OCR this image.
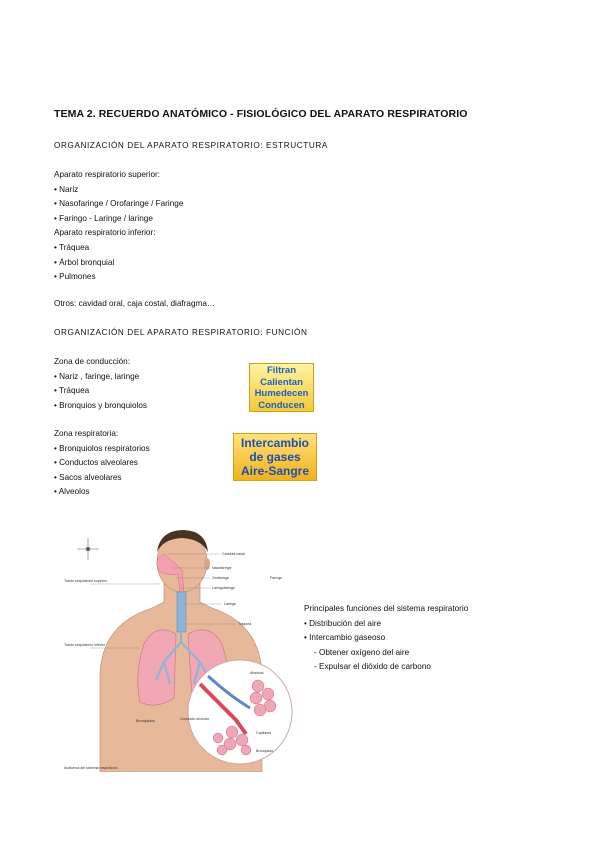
TEMA 2. RECUERDO ANATÓMICO - FISIOLÓGICO DEL APARATO RESPIRATORIO
ORGANIZACIÓN DEL APARATO RESPIRATORIO: ESTRUCTURA
Aparato respiratorio superior:
• Nariz
• Nasofaringe / Orofaringe / Faringe
• Faringo - Laringe / laringe
Aparato respiratorio inferior:
• Tráquea
• Árbol bronquial
• Pulmones
Otros: cavidad oral, caja costal, diafragma…
ORGANIZACIÓN DEL APARATO RESPIRATORIO: FUNCIÓN
Zona de conducción:
• Nariz , faringe, laringe
• Tráquea
• Bronquios y bronquiolos
Zona respiratoria:
• Bronquiolos respiratorios
• Conductos alveolares
• Sacos alveolares
• Alveolos
Filtran
Calientan
Humedecen
Conducen
Intercambio
de gases
Aire-Sangre
Cavidad nasal
Nasofaringe
Orofaringe
Laringofaringe
Faringe
Laringe
Tráquea
Tracto respiratorio superior
Tracto respiratorio inferior
Bronquiolos
Alvéolos
Conducto alveolar
Capilares
Bronquiolo
Anatomía del sistema respiratorio
Principales funciones del sistema respiratorio
• Distribución del aire
• Intercambio gaseoso
- Obtener oxígeno del aire
- Expulsar el dióxido de carbono
